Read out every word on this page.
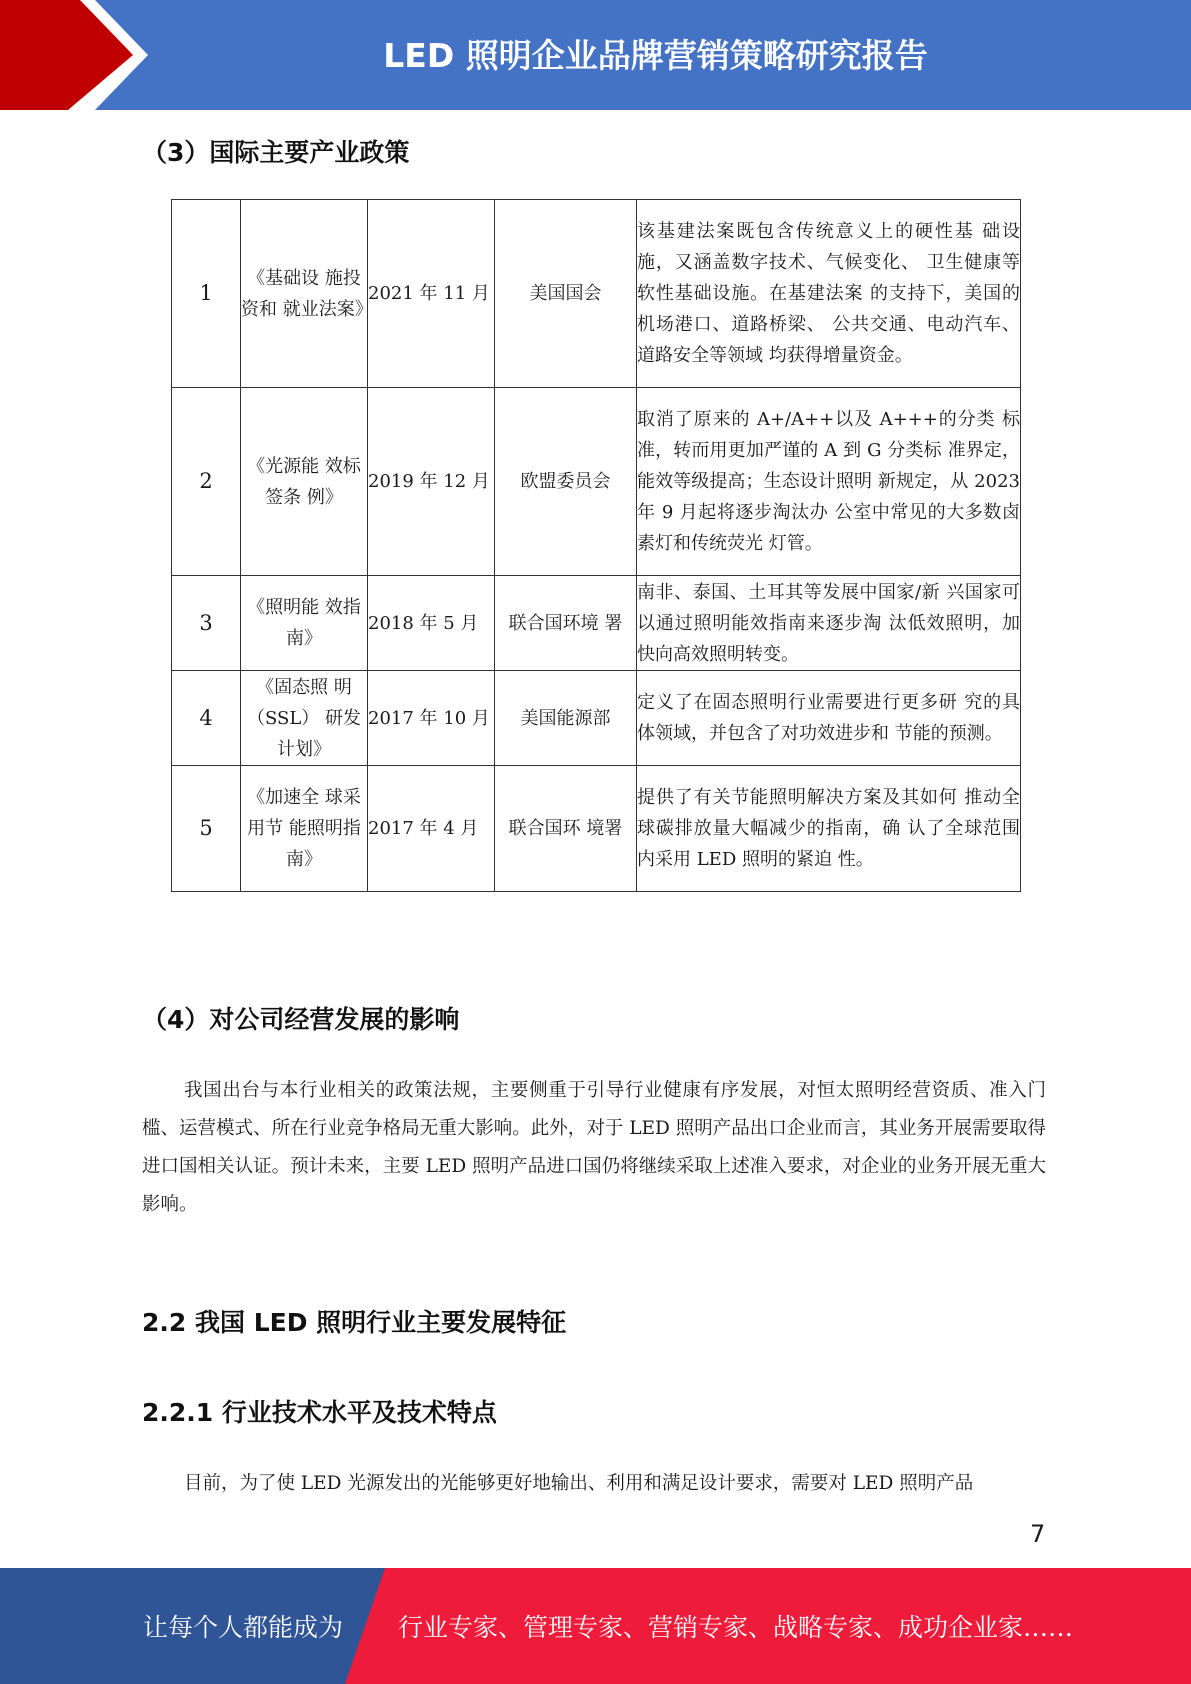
LED 照明企业品牌营销策略研究报告
（3）国际主要产业政策
1	《基础设 施投资和 就业法案》	2021 年 11 月	美国国会	该基建法案既包含传统意义上的硬性基 础设施，又涵盖数字技术、气候变化、 卫生健康等软性基础设施。在基建法案 的支持下，美国的机场港口、道路桥梁、 公共交通、电动汽车、道路安全等领域 均获得增量资金。
2	《光源能 效标签条 例》	2019 年 12 月	欧盟委员会	取消了原来的 A+/A++以及 A+++的分类 标准，转而用更加严谨的 A 到 G 分类标 准界定，能效等级提高；生态设计照明 新规定，从 2023 年 9 月起将逐步淘汰办 公室中常见的大多数卤素灯和传统荧光 灯管。
3	《照明能 效指南》	2018 年 5 月	联合国环境 署	南非、泰国、土耳其等发展中国家/新 兴国家可以通过照明能效指南来逐步淘 汰低效照明，加快向高效照明转变。
4	《固态照 明（SSL） 研发计划》	2017 年 10 月	美国能源部	定义了在固态照明行业需要进行更多研 究的具体领域，并包含了对功效进步和 节能的预测。
5	《加速全 球采用节 能照明指 南》	2017 年 4 月	联合国环 境署	提供了有关节能照明解决方案及其如何 推动全球碳排放量大幅减少的指南，确 认了全球范围内采用 LED 照明的紧迫 性。
（4）对公司经营发展的影响

我国出台与本行业相关的政策法规，主要侧重于引导行业健康有序发展，对恒太照明经营资质、准入门槛、运营模式、所在行业竞争格局无重大影响。此外，对于 LED 照明产品出口企业而言，其业务开展需要取得进口国相关认证。预计未来，主要 LED 照明产品进口国仍将继续采取上述准入要求，对企业的业务开展无重大影响。

2.2 我国 LED 照明行业主要发展特征
2.2.1 行业技术水平及技术特点

目前，为了使 LED 光源发出的光能够更好地输出、利用和满足设计要求，需要对 LED 照明产品

7
让每个人都能成为 行业专家、管理专家、营销专家、战略专家、成功企业家……
